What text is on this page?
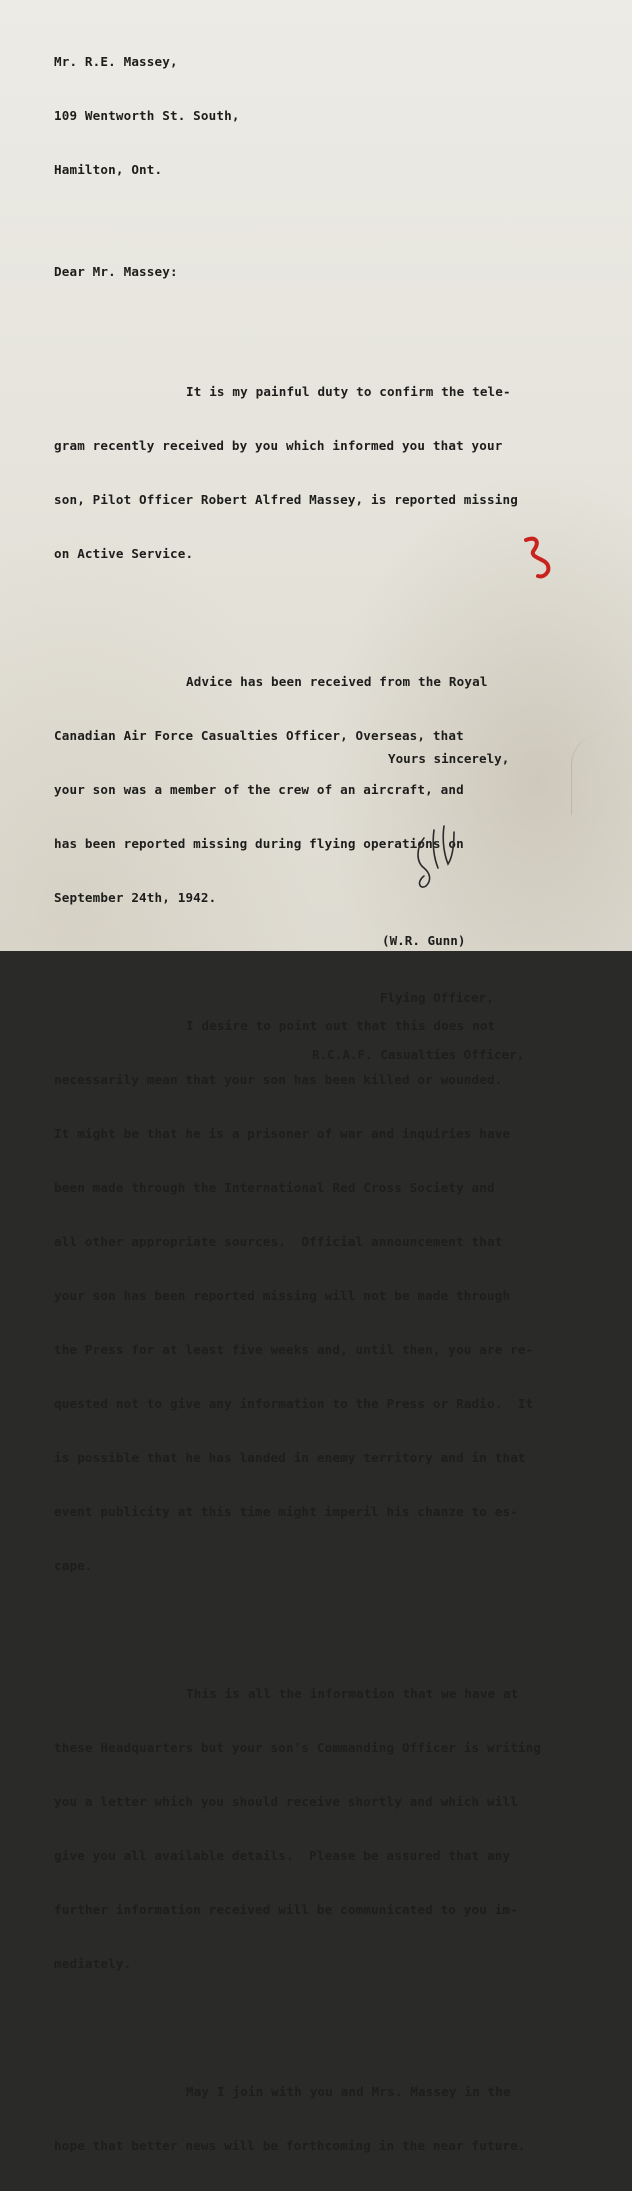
Mr. R.E. Massey,

109 Wentworth St. South,

Hamilton, Ont.

Dear Mr. Massey:

It is my painful duty to confirm the tele-

gram recently received by you which informed you that your

son, Pilot Officer Robert Alfred Massey, is reported missing

on Active Service.

Advice has been received from the Royal

Canadian Air Force Casualties Officer, Overseas, that

your son was a member of the crew of an aircraft, and

has been reported missing during flying operations on

September 24th, 1942.

I desire to point out that this does not

necessarily mean that your son has been killed or wounded.

It might be that he is a prisoner of war and inquiries have

been made through the International Red Cross Society and

all other appropriate sources.  Official announcement that

your son has been reported missing will not be made through

the Press for at least five weeks and, until then, you are re-

quested not to give any information to the Press or Radio.  It

is possible that he has landed in enemy territory and in that

event publicity at this time might imperil his chanze to es-

cape.

This is all the information that we have at

these Headquarters but your son's Commanding Officer is writing

you a letter which you should receive shortly and which will

give you all available details.  Please be assured that any

further information received will be communicated to you im-

mediately.

May I join with you and Mrs. Massey in the

hope that better news will be forthcoming in the near future.

Yours sincerely,

(W.R. Gunn)

Flying Officer,

R.C.A.F. Casualties Officer,
